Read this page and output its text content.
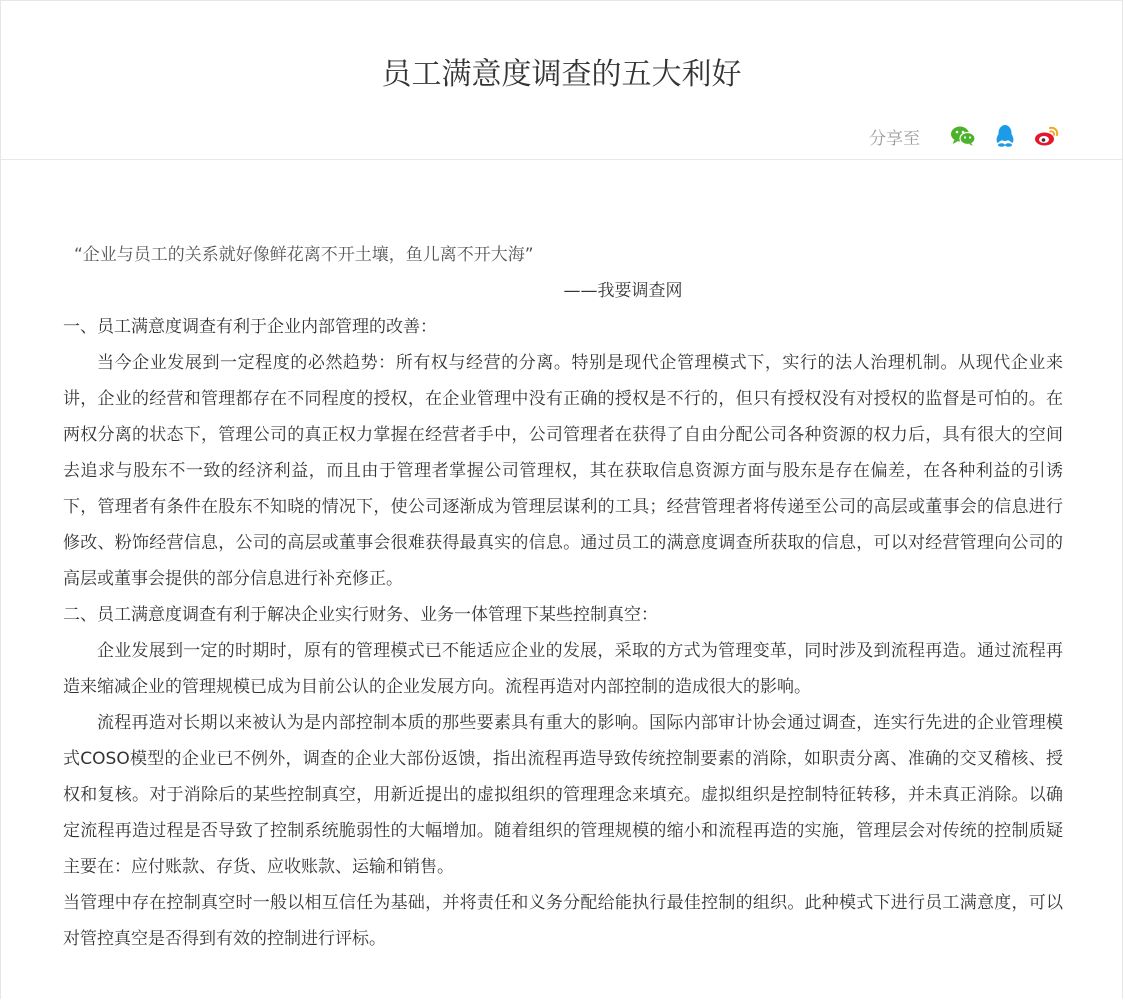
员工满意度调查的五大利好
分享至

“企业与员工的关系就好像鲜花离不开土壤，鱼儿离不开大海”

——我要调查网

一、员工满意度调查有利于企业内部管理的改善：

当今企业发展到一定程度的必然趋势：所有权与经营的分离。特别是现代企管理模式下，实行的法人治理机制。从现代企业来讲，企业的经营和管理都存在不同程度的授权，在企业管理中没有正确的授权是不行的，但只有授权没有对授权的监督是可怕的。在两权分离的状态下，管理公司的真正权力掌握在经营者手中，公司管理者在获得了自由分配公司各种资源的权力后，具有很大的空间去追求与股东不一致的经济利益，而且由于管理者掌握公司管理权，其在获取信息资源方面与股东是存在偏差，在各种利益的引诱下，管理者有条件在股东不知晓的情况下，使公司逐渐成为管理层谋利的工具；经营管理者将传递至公司的高层或董事会的信息进行修改、粉饰经营信息，公司的高层或董事会很难获得最真实的信息。通过员工的满意度调查所获取的信息，可以对经营管理向公司的高层或董事会提供的部分信息进行补充修正。

二、员工满意度调查有利于解决企业实行财务、业务一体管理下某些控制真空：

企业发展到一定的时期时，原有的管理模式已不能适应企业的发展，采取的方式为管理变革，同时涉及到流程再造。通过流程再造来缩减企业的管理规模已成为目前公认的企业发展方向。流程再造对内部控制的造成很大的影响。

流程再造对长期以来被认为是内部控制本质的那些要素具有重大的影响。国际内部审计协会通过调查，连实行先进的企业管理模式COSO模型的企业已不例外，调查的企业大部份返馈，指出流程再造导致传统控制要素的消除，如职责分离、准确的交叉稽核、授权和复核。对于消除后的某些控制真空，用新近提出的虚拟组织的管理理念来填充。虚拟组织是控制特征转移，并未真正消除。以确定流程再造过程是否导致了控制系统脆弱性的大幅增加。随着组织的管理规模的缩小和流程再造的实施，管理层会对传统的控制质疑主要在：应付账款、存货、应收账款、运输和销售。

当管理中存在控制真空时一般以相互信任为基础，并将责任和义务分配给能执行最佳控制的组织。此种模式下进行员工满意度，可以对管控真空是否得到有效的控制进行评标。
